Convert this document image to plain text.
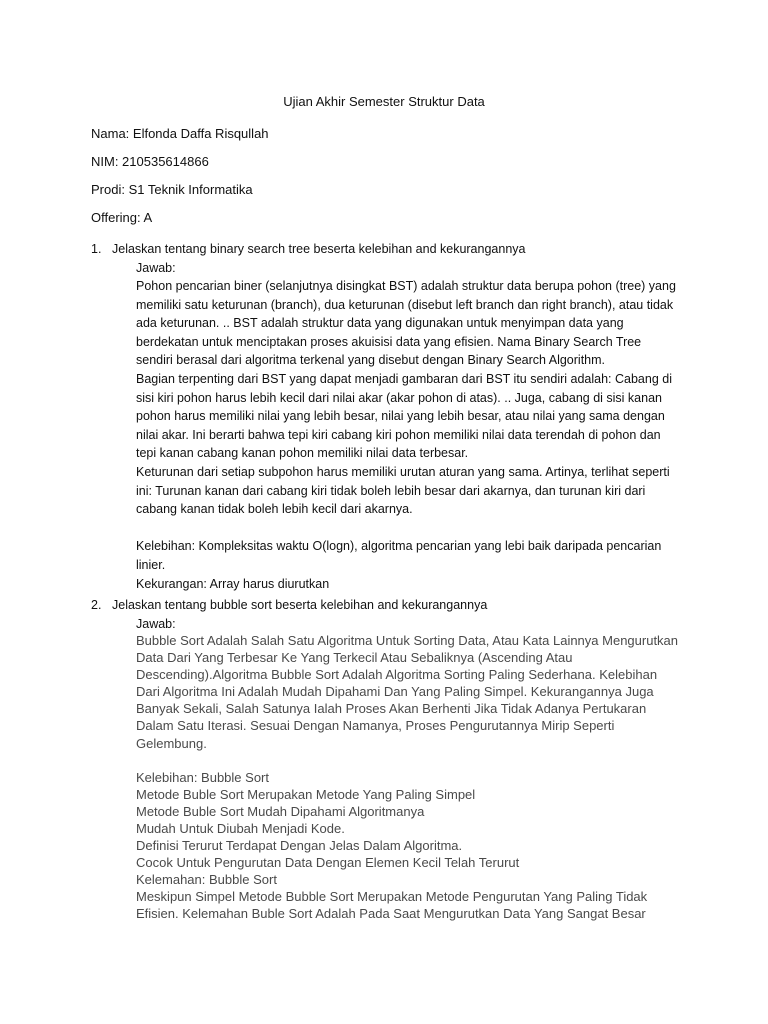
Ujian Akhir Semester Struktur Data
Nama: Elfonda Daffa Risqullah
NIM: 210535614866
Prodi: S1 Teknik Informatika
Offering: A
1. Jelaskan tentang binary search tree beserta kelebihan and kekurangannya
Jawab:

Pohon pencarian biner (selanjutnya disingkat BST) adalah struktur data berupa pohon (tree) yang memiliki satu keturunan (branch), dua keturunan (disebut left branch dan right branch), atau tidak ada keturunan. .. BST adalah struktur data yang digunakan untuk menyimpan data yang berdekatan untuk menciptakan proses akuisisi data yang efisien. Nama Binary Search Tree sendiri berasal dari algoritma terkenal yang disebut dengan Binary Search Algorithm.

Bagian terpenting dari BST yang dapat menjadi gambaran dari BST itu sendiri adalah: Cabang di sisi kiri pohon harus lebih kecil dari nilai akar (akar pohon di atas). .. Juga, cabang di sisi kanan pohon harus memiliki nilai yang lebih besar, nilai yang lebih besar, atau nilai yang sama dengan nilai akar. Ini berarti bahwa tepi kiri cabang kiri pohon memiliki nilai data terendah di pohon dan tepi kanan cabang kanan pohon memiliki nilai data terbesar.

Keturunan dari setiap subpohon harus memiliki urutan aturan yang sama. Artinya, terlihat seperti ini: Turunan kanan dari cabang kiri tidak boleh lebih besar dari akarnya, dan turunan kiri dari cabang kanan tidak boleh lebih kecil dari akarnya.

Kelebihan: Kompleksitas waktu O(logn), algoritma pencarian yang lebi baik daripada pencarian linier.

Kekurangan: Array harus diurutkan

2. Jelaskan tentang bubble sort beserta kelebihan and kekurangannya
Jawab:

Bubble Sort Adalah Salah Satu Algoritma Untuk Sorting Data, Atau Kata Lainnya Mengurutkan Data Dari Yang Terbesar Ke Yang Terkecil Atau Sebaliknya (Ascending Atau Descending).Algoritma Bubble Sort Adalah Algoritma Sorting Paling Sederhana. Kelebihan Dari Algoritma Ini Adalah Mudah Dipahami Dan Yang Paling Simpel. Kekurangannya Juga Banyak Sekali, Salah Satunya Ialah Proses Akan Berhenti Jika Tidak Adanya Pertukaran Dalam Satu Iterasi. Sesuai Dengan Namanya, Proses Pengurutannya Mirip Seperti Gelembung.

Kelebihan: Bubble Sort

Metode Buble Sort Merupakan Metode Yang Paling Simpel

Metode Buble Sort Mudah Dipahami Algoritmanya

Mudah Untuk Diubah Menjadi Kode.

Definisi Terurut Terdapat Dengan Jelas Dalam Algoritma.

Cocok Untuk Pengurutan Data Dengan Elemen Kecil Telah Terurut

Kelemahan: Bubble Sort

Meskipun Simpel Metode Bubble Sort Merupakan Metode Pengurutan Yang Paling Tidak Efisien. Kelemahan Buble Sort Adalah Pada Saat Mengurutkan Data Yang Sangat Besar
